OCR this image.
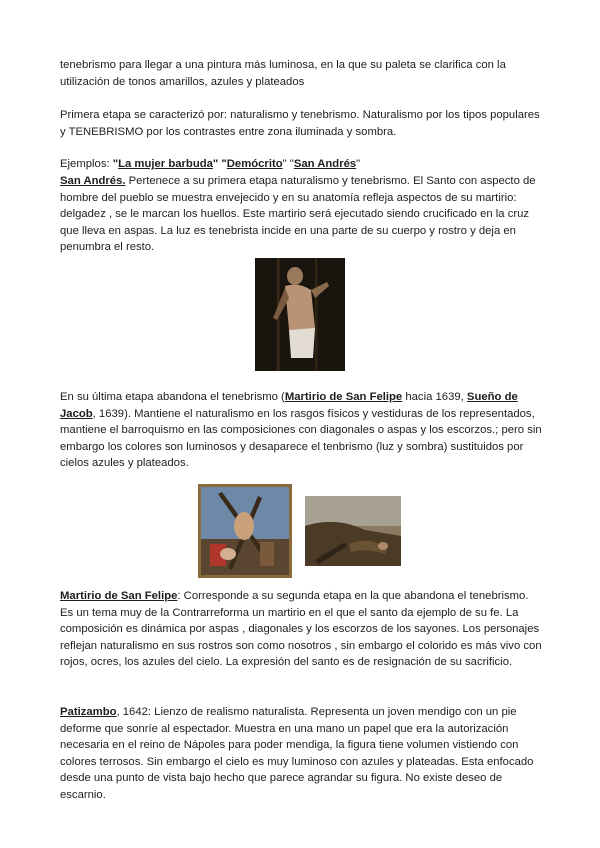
tenebrismo para llegar a una pintura más luminosa, en la que su paleta se clarifica con la utilización de tonos amarillos, azules y plateados

Primera etapa se caracterizó por: naturalismo y tenebrismo. Naturalismo por los tipos populares y TENEBRISMO por los contrastes entre zona iluminada y sombra.

Ejemplos: "La mujer barbuda" "Demócrito" "San Andrés"

San Andrés. Pertenece a su primera etapa naturalismo y tenebrismo. El Santo con aspecto de hombre del pueblo se muestra envejecido y en su anatomía refleja aspectos de su martirio: delgadez , se le marcan los huellos. Este martirio será ejecutado siendo crucificado en la cruz que lleva en aspas. La luz es tenebrista incide en una parte de su cuerpo y rostro y deja en penumbra el resto.

En su última etapa abandona el tenebrismo (Martirio de San Felipe hacia 1639, Sueño de Jacob, 1639). Mantiene el naturalismo en los rasgos físicos y vestiduras de los representados, mantiene el barroquismo en las composiciones con diagonales o aspas y los escorzos.; pero sin embargo los colores son luminosos y desaparece el tenbrismo (luz y sombra) sustituidos por cielos azules y plateados.

Martirio de San Felipe: Corresponde a su segunda etapa en la que abandona el tenebrismo. Es un tema muy de la Contrarreforma un martirio en el que el santo da ejemplo de su fe. La composición es dinámica por aspas , diagonales y los escorzos de los sayones. Los personajes reflejan naturalismo en sus rostros son como nosotros , sin embargo el colorido es más vivo con rojos, ocres, los azules del cielo. La expresión del santo es de resignación de su sacrificio.

Patizambo, 1642: Lienzo de realismo naturalista. Representa un joven mendigo con un pie deforme que sonríe al espectador. Muestra en una mano un papel que era la autorización necesaria en el reino de Nápoles para poder mendiga, la figura tiene volumen vistiendo con colores terrosos. Sin embargo el cielo es muy luminoso con azules y plateadas. Esta enfocado desde una punto de vista bajo hecho que parece agrandar su figura. No existe deseo de escarnio.
